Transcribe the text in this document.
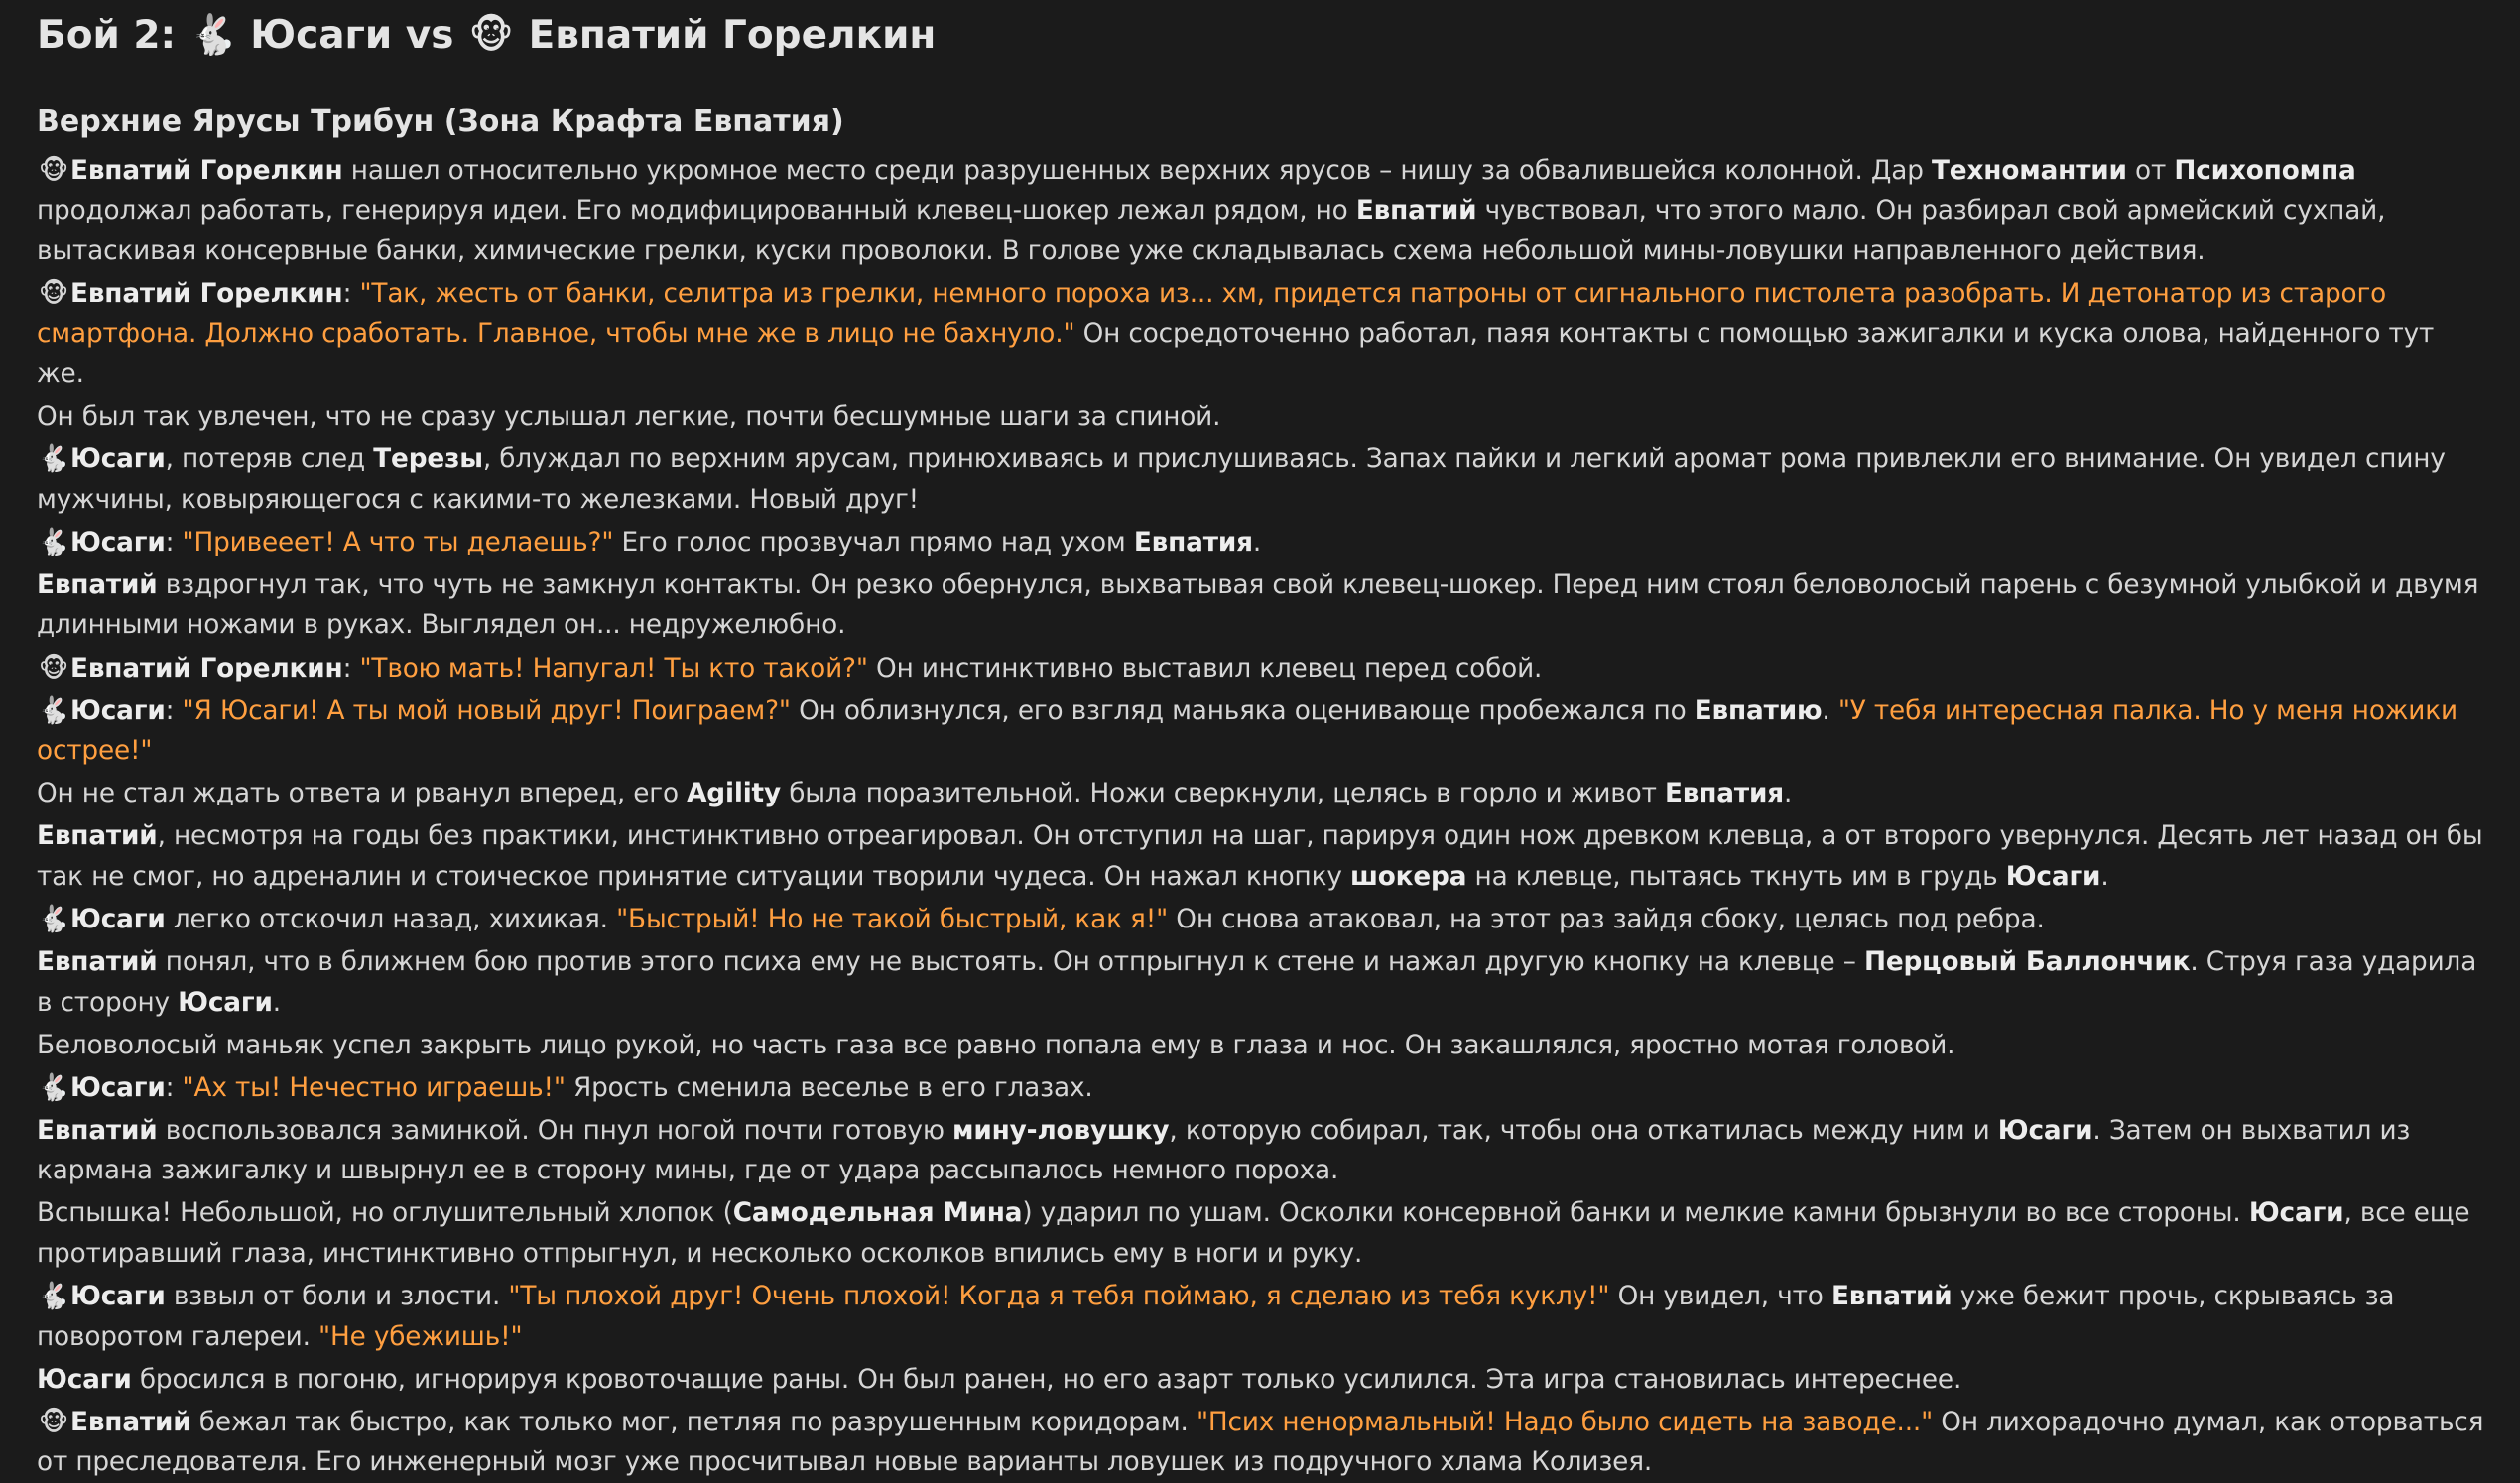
Бой 2: 🐇 Юсаги vs 🐵 Евпатий Горелкин
Верхние Ярусы Трибун (Зона Крафта Евпатия)

🐵Евпатий Горелкин нашел относительно укромное место среди разрушенных верхних ярусов – нишу за обвалившейся колонной. Дар Техномантии от Психопомпа продолжал работать, генерируя идеи. Его модифицированный клевец-шокер лежал рядом, но Евпатий чувствовал, что этого мало. Он разбирал свой армейский сухпай, вытаскивая консервные банки, химические грелки, куски проволоки. В голове уже складывалась схема небольшой мины-ловушки направленного действия.

🐵Евпатий Горелкин: "Так, жесть от банки, селитра из грелки, немного пороха из... хм, придется патроны от сигнального пистолета разобрать. И детонатор из старого смартфона. Должно сработать. Главное, чтобы мне же в лицо не бахнуло." Он сосредоточенно работал, паяя контакты с помощью зажигалки и куска олова, найденного тут же.

Он был так увлечен, что не сразу услышал легкие, почти бесшумные шаги за спиной.

🐇Юсаги, потеряв след Терезы, блуждал по верхним ярусам, принюхиваясь и прислушиваясь. Запах пайки и легкий аромат рома привлекли его внимание. Он увидел спину мужчины, ковыряющегося с какими-то железками. Новый друг!

🐇Юсаги: "Привееет! А что ты делаешь?" Его голос прозвучал прямо над ухом Евпатия.

Евпатий вздрогнул так, что чуть не замкнул контакты. Он резко обернулся, выхватывая свой клевец-шокер. Перед ним стоял беловолосый парень с безумной улыбкой и двумя длинными ножами в руках. Выглядел он... недружелюбно.

🐵Евпатий Горелкин: "Твою мать! Напугал! Ты кто такой?" Он инстинктивно выставил клевец перед собой.

🐇Юсаги: "Я Юсаги! А ты мой новый друг! Поиграем?" Он облизнулся, его взгляд маньяка оценивающе пробежался по Евпатию. "У тебя интересная палка. Но у меня ножики острее!"

Он не стал ждать ответа и рванул вперед, его Agility была поразительной. Ножи сверкнули, целясь в горло и живот Евпатия.

Евпатий, несмотря на годы без практики, инстинктивно отреагировал. Он отступил на шаг, парируя один нож древком клевца, а от второго увернулся. Десять лет назад он бы так не смог, но адреналин и стоическое принятие ситуации творили чудеса. Он нажал кнопку шокера на клевце, пытаясь ткнуть им в грудь Юсаги.

🐇Юсаги легко отскочил назад, хихикая. "Быстрый! Но не такой быстрый, как я!" Он снова атаковал, на этот раз зайдя сбоку, целясь под ребра.

Евпатий понял, что в ближнем бою против этого психа ему не выстоять. Он отпрыгнул к стене и нажал другую кнопку на клевце – Перцовый Баллончик. Струя газа ударила в сторону Юсаги.

Беловолосый маньяк успел закрыть лицо рукой, но часть газа все равно попала ему в глаза и нос. Он закашлялся, яростно мотая головой.

🐇Юсаги: "Ах ты! Нечестно играешь!" Ярость сменила веселье в его глазах.

Евпатий воспользовался заминкой. Он пнул ногой почти готовую мину-ловушку, которую собирал, так, чтобы она откатилась между ним и Юсаги. Затем он выхватил из кармана зажигалку и швырнул ее в сторону мины, где от удара рассыпалось немного пороха.

Вспышка! Небольшой, но оглушительный хлопок (Самодельная Мина) ударил по ушам. Осколки консервной банки и мелкие камни брызнули во все стороны. Юсаги, все еще протиравший глаза, инстинктивно отпрыгнул, и несколько осколков впились ему в ноги и руку.

🐇Юсаги взвыл от боли и злости. "Ты плохой друг! Очень плохой! Когда я тебя поймаю, я сделаю из тебя куклу!" Он увидел, что Евпатий уже бежит прочь, скрываясь за поворотом галереи. "Не убежишь!"

Юсаги бросился в погоню, игнорируя кровоточащие раны. Он был ранен, но его азарт только усилился. Эта игра становилась интереснее.

🐵Евпатий бежал так быстро, как только мог, петляя по разрушенным коридорам. "Псих ненормальный! Надо было сидеть на заводе..." Он лихорадочно думал, как оторваться от преследователя. Его инженерный мозг уже просчитывал новые варианты ловушек из подручного хлама Колизея.
